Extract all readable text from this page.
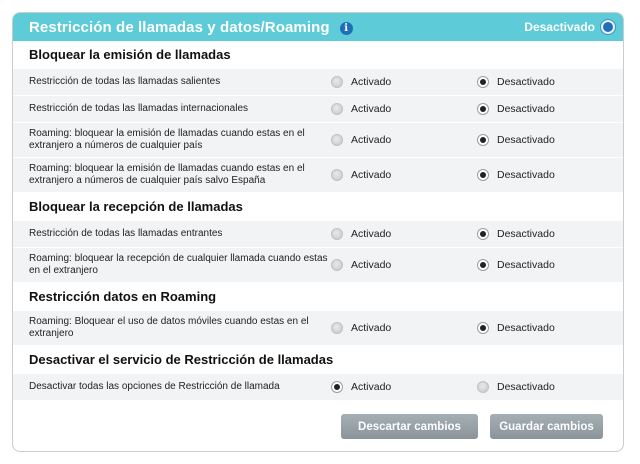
Restricción de llamadas y datos/Roaming	i	Desactivado
Bloquear la emisión de llamadas
Restricción de todas las llamadas salientes	Activado	Desactivado
Restricción de todas las llamadas internacionales	Activado	Desactivado
Roaming: bloquear la emisión de llamadas cuando estas en el extranjero a números de cualquier país	Activado	Desactivado
Roaming: bloquear la emisión de llamadas cuando estas en el extranjero a números de cualquier país salvo España	Activado	Desactivado
Bloquear la recepción de llamadas
Restricción de todas las llamadas entrantes	Activado	Desactivado
Roaming: bloquear la recepción de cualquier llamada cuando estas en el extranjero	Activado	Desactivado
Restricción datos en Roaming
Roaming: Bloquear el uso de datos móviles cuando estas en el extranjero	Activado	Desactivado
Desactivar el servicio de Restricción de llamadas
Desactivar todas las opciones de Restricción de llamada	Activado	Desactivado
Descartar cambios	Guardar cambios
